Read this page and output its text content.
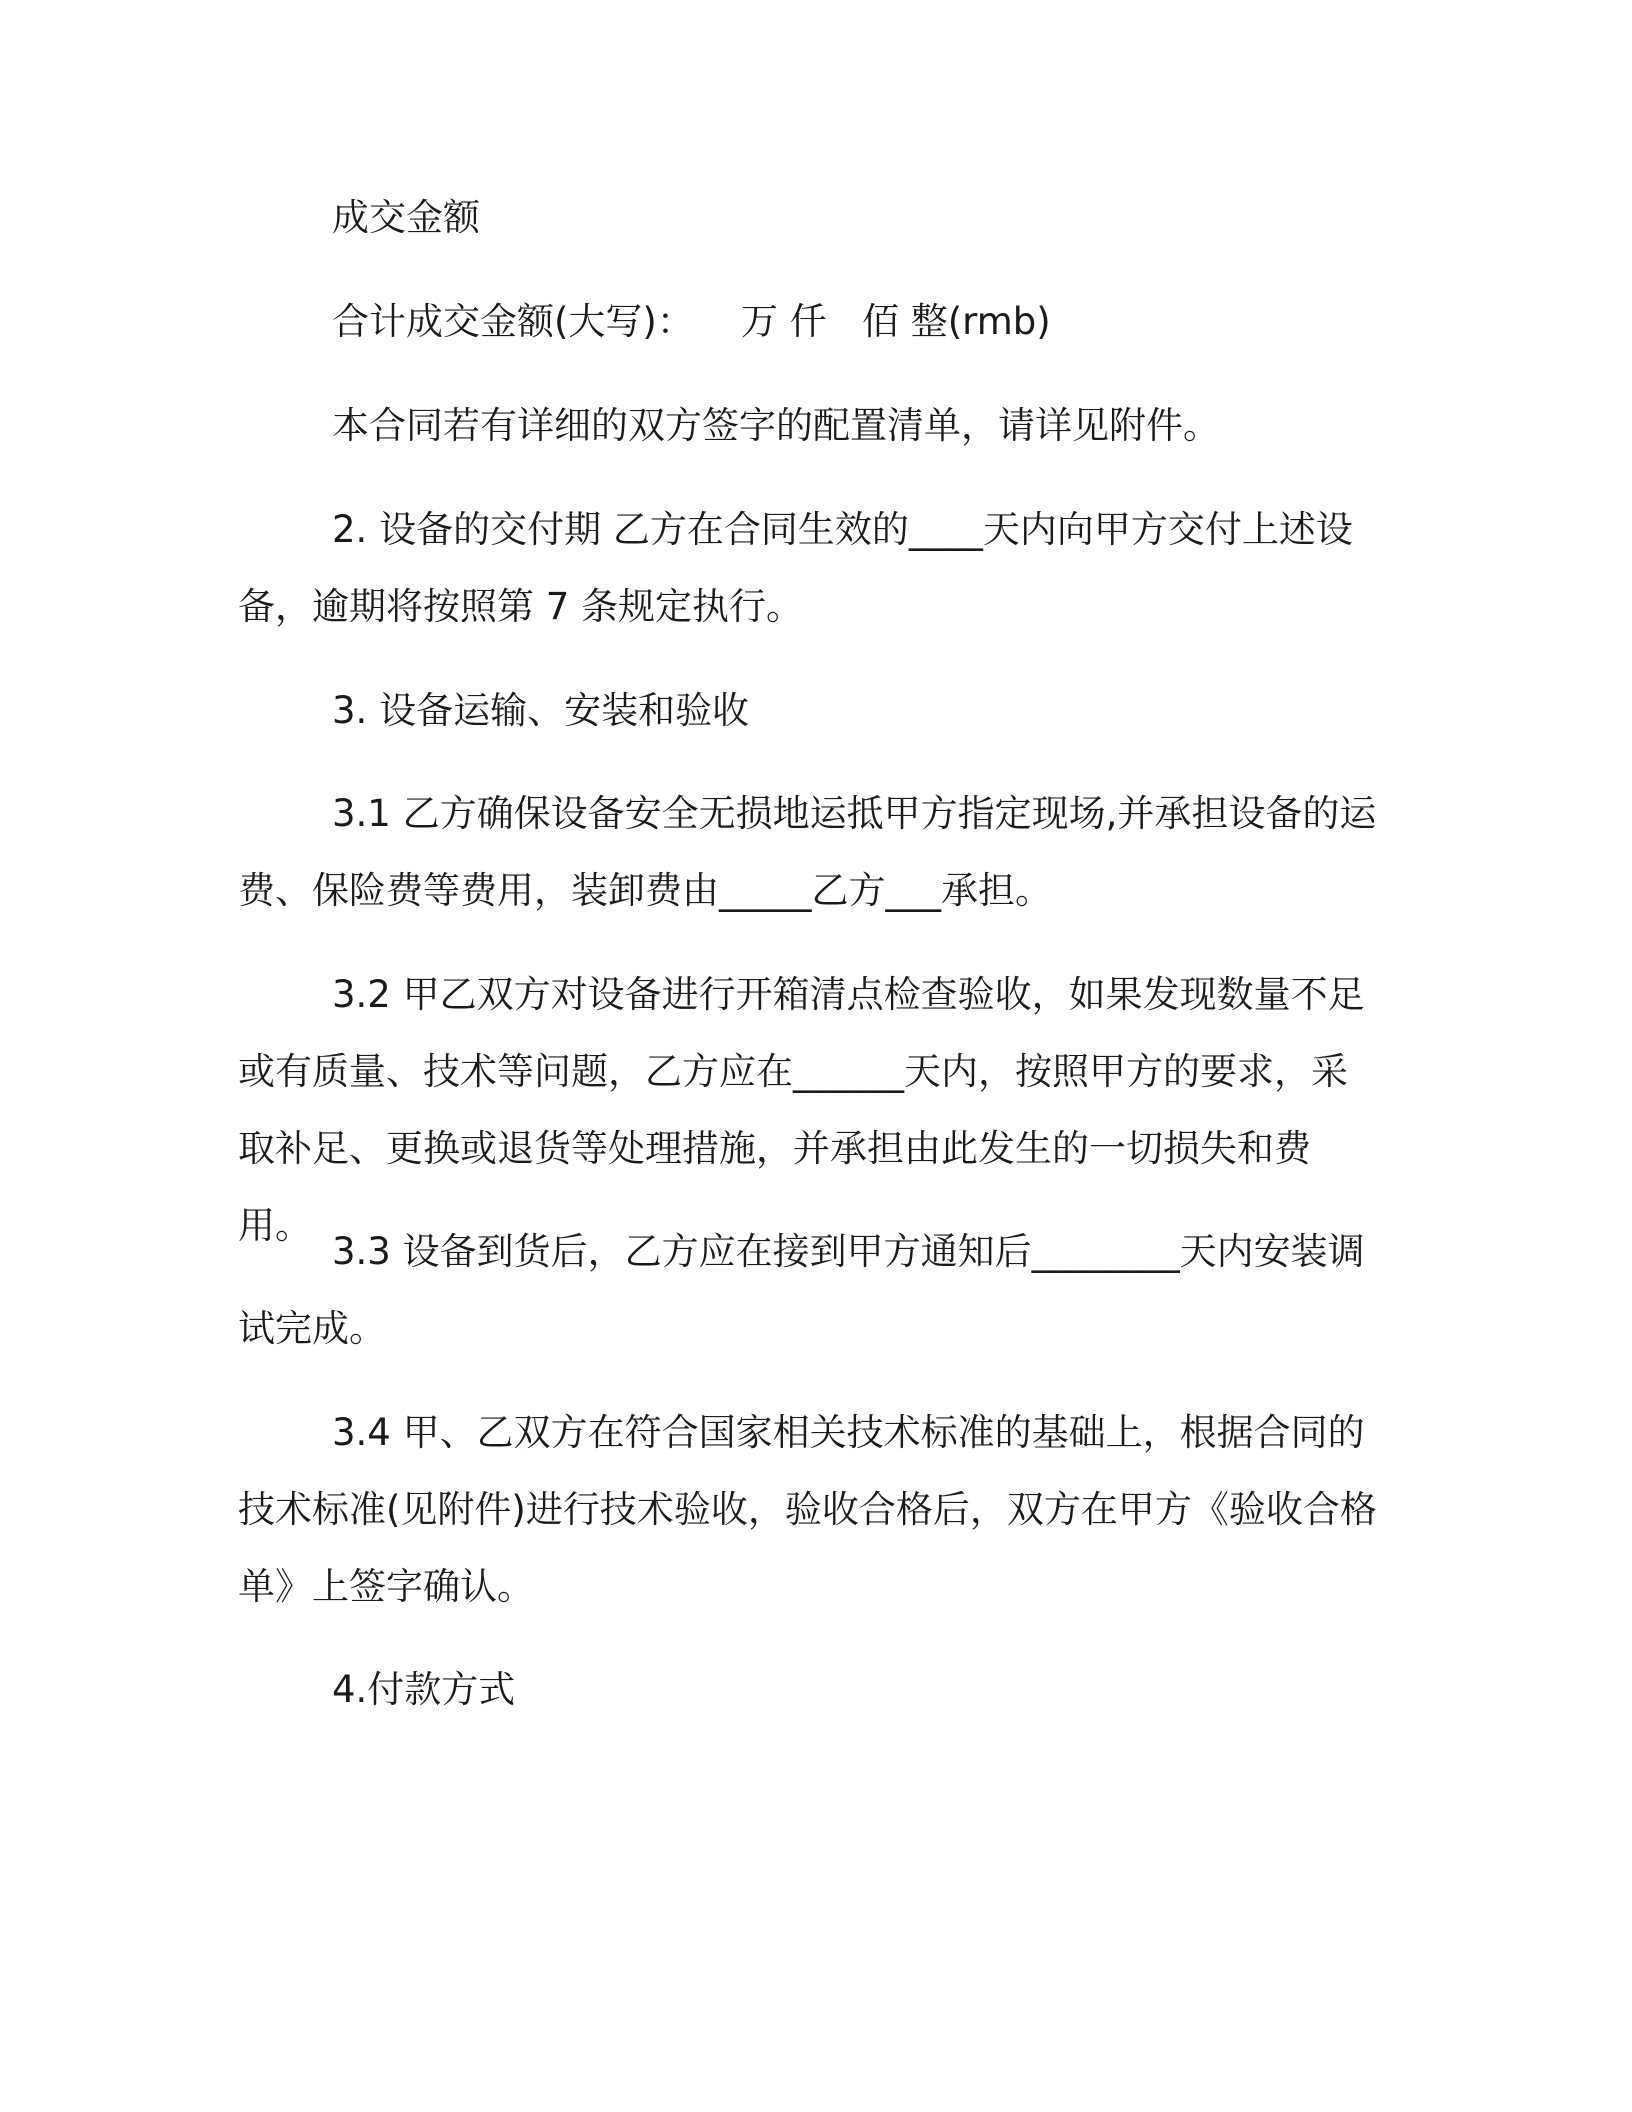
成交金额

合计成交金额(大写)：    万 仟   佰 整(rmb)

本合同若有详细的双方签字的配置清单，请详见附件。

2. 设备的交付期 乙方在合同生效的____天内向甲方交付上述设
备，逾期将按照第 7 条规定执行。

3. 设备运输、安装和验收

3.1 乙方确保设备安全无损地运抵甲方指定现场,并承担设备的运
费、保险费等费用，装卸费由_____乙方___承担。
3.2 甲乙双方对设备进行开箱清点检查验收，如果发现数量不足
或有质量、技术等问题，乙方应在______天内，按照甲方的要求，采
取补足、更换或退货等处理措施，并承担由此发生的一切损失和费用。
3.3 设备到货后，乙方应在接到甲方通知后________天内安装调
试完成。
3.4 甲、乙双方在符合国家相关技术标准的基础上，根据合同的
技术标准(见附件)进行技术验收，验收合格后，双方在甲方《验收合格
单》上签字确认。

4.付款方式
